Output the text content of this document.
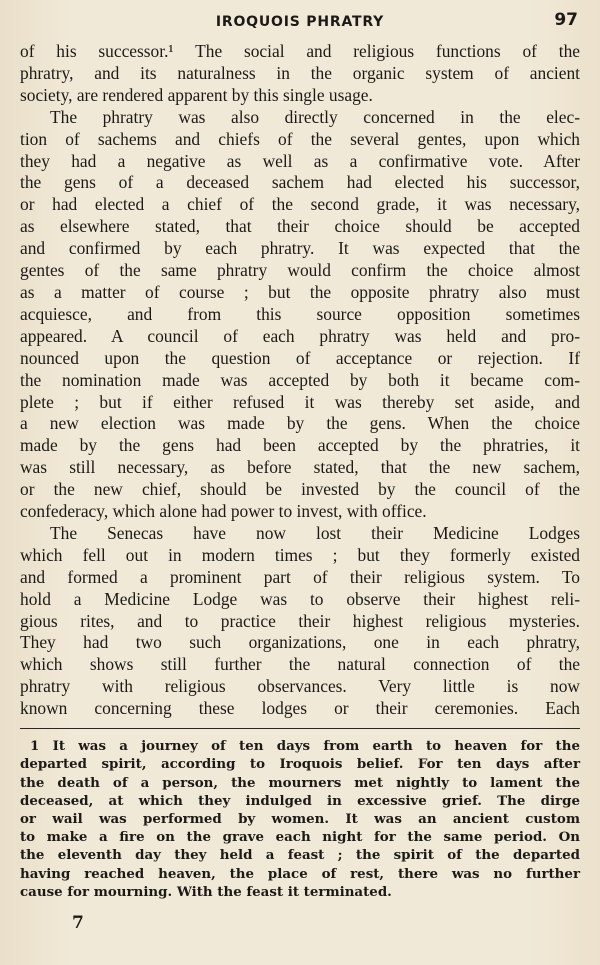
IROQUOIS PHRATRY	97
of his successor.¹ The social and religious functions of the
phratry, and its naturalness in the organic system of ancient
society, are rendered apparent by this single usage.
The phratry was also directly concerned in the elec-
tion of sachems and chiefs of the several gentes, upon which
they had a negative as well as a confirmative vote. After
the gens of a deceased sachem had elected his successor,
or had elected a chief of the second grade, it was necessary,
as elsewhere stated, that their choice should be accepted
and confirmed by each phratry. It was expected that the
gentes of the same phratry would confirm the choice almost
as a matter of course ; but the opposite phratry also must
acquiesce, and from this source opposition sometimes
appeared. A council of each phratry was held and pro-
nounced upon the question of acceptance or rejection. If
the nomination made was accepted by both it became com-
plete ; but if either refused it was thereby set aside, and
a new election was made by the gens. When the choice
made by the gens had been accepted by the phratries, it
was still necessary, as before stated, that the new sachem,
or the new chief, should be invested by the council of the
confederacy, which alone had power to invest, with office.
The Senecas have now lost their Medicine Lodges
which fell out in modern times ; but they formerly existed
and formed a prominent part of their religious system. To
hold a Medicine Lodge was to observe their highest reli-
gious rites, and to practice their highest religious mysteries.
They had two such organizations, one in each phratry,
which shows still further the natural connection of the
phratry with religious observances. Very little is now
known concerning these lodges or their ceremonies. Each
1 It was a journey of ten days from earth to heaven for the
departed spirit, according to Iroquois belief. For ten days after
the death of a person, the mourners met nightly to lament the
deceased, at which they indulged in excessive grief. The dirge
or wail was performed by women. It was an ancient custom
to make a fire on the grave each night for the same period. On
the eleventh day they held a feast ; the spirit of the departed
having reached heaven, the place of rest, there was no further
cause for mourning. With the feast it terminated.
7
